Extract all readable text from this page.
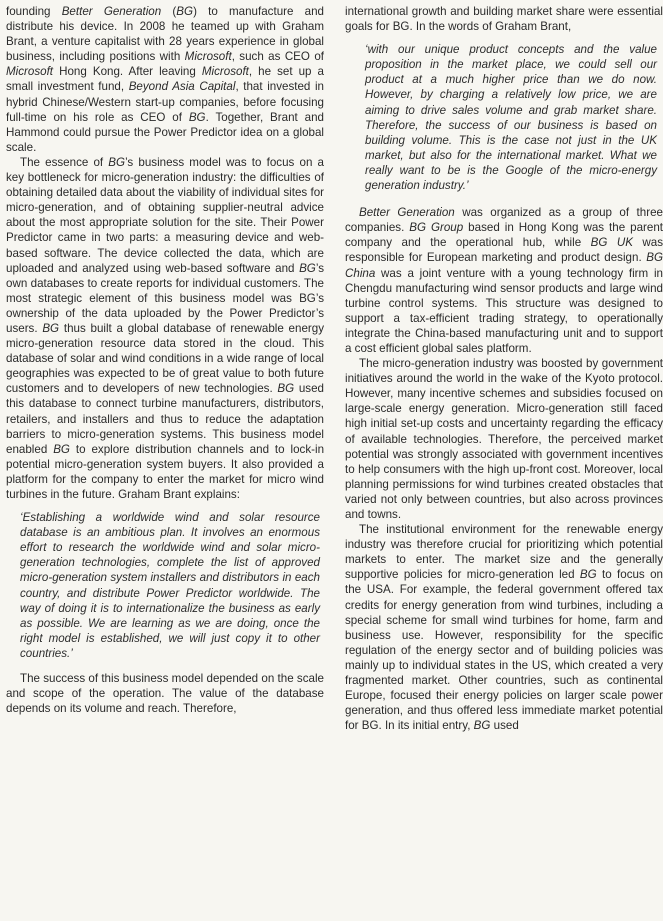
founding Better Generation (BG) to manufacture and distribute his device. In 2008 he teamed up with Graham Brant, a venture capitalist with 28 years experience in global business, including positions with Microsoft, such as CEO of Microsoft Hong Kong. After leaving Microsoft, he set up a small investment fund, Beyond Asia Capital, that invested in hybrid Chinese/Western start-up companies, before focusing full-time on his role as CEO of BG. Together, Brant and Hammond could pursue the Power Predictor idea on a global scale.

The essence of BG’s business model was to focus on a key bottleneck for micro-generation industry: the difficulties of obtaining detailed data about the viability of individual sites for micro-generation, and of obtaining supplier-neutral advice about the most appropriate solution for the site. Their Power Predictor came in two parts: a measuring device and web-based software. The device collected the data, which are uploaded and analyzed using web-based software and BG’s own databases to create reports for individual customers. The most strategic element of this business model was BG’s ownership of the data uploaded by the Power Predictor’s users. BG thus built a global database of renewable energy micro-generation resource data stored in the cloud. This database of solar and wind conditions in a wide range of local geographies was expected to be of great value to both future customers and to developers of new technologies. BG used this database to connect turbine manufacturers, distributors, retailers, and installers and thus to reduce the adaptation barriers to micro-generation systems. This business model enabled BG to explore distribution channels and to lock-in potential micro-generation system buyers. It also provided a platform for the company to enter the market for micro wind turbines in the future. Graham Brant explains:

‘Establishing a worldwide wind and solar resource database is an ambitious plan. It involves an enormous effort to research the worldwide wind and solar micro-generation technologies, complete the list of approved micro-generation system installers and distributors in each country, and distribute Power Predictor worldwide. The way of doing it is to internationalize the business as early as possible. We are learning as we are doing, once the right model is established, we will just copy it to other countries.’

The success of this business model depended on the scale and scope of the operation. The value of the database depends on its volume and reach. Therefore,

international growth and building market share were essential goals for BG. In the words of Graham Brant,

‘with our unique product concepts and the value proposition in the market place, we could sell our product at a much higher price than we do now. However, by charging a relatively low price, we are aiming to drive sales volume and grab market share. Therefore, the success of our business is based on building volume. This is the case not just in the UK market, but also for the international market. What we really want to be is the Google of the micro-energy generation industry.’

Better Generation was organized as a group of three companies. BG Group based in Hong Kong was the parent company and the operational hub, while BG UK was responsible for European marketing and product design. BG China was a joint venture with a young technology firm in Chengdu manufacturing wind sensor products and large wind turbine control systems. This structure was designed to support a tax-efficient trading strategy, to operationally integrate the China-based manufacturing unit and to support a cost efficient global sales platform.

The micro-generation industry was boosted by government initiatives around the world in the wake of the Kyoto protocol. However, many incentive schemes and subsidies focused on large-scale energy generation. Micro-generation still faced high initial set-up costs and uncertainty regarding the efficacy of available technologies. Therefore, the perceived market potential was strongly associated with government incentives to help consumers with the high up-front cost. Moreover, local planning permissions for wind turbines created obstacles that varied not only between countries, but also across provinces and towns.

The institutional environment for the renewable energy industry was therefore crucial for prioritizing which potential markets to enter. The market size and the generally supportive policies for micro-generation led BG to focus on the USA. For example, the federal government offered tax credits for energy generation from wind turbines, including a special scheme for small wind turbines for home, farm and business use. However, responsibility for the specific regulation of the energy sector and of building policies was mainly up to individual states in the US, which created a very fragmented market. Other countries, such as continental Europe, focused their energy policies on larger scale power generation, and thus offered less immediate market potential for BG. In its initial entry, BG used
